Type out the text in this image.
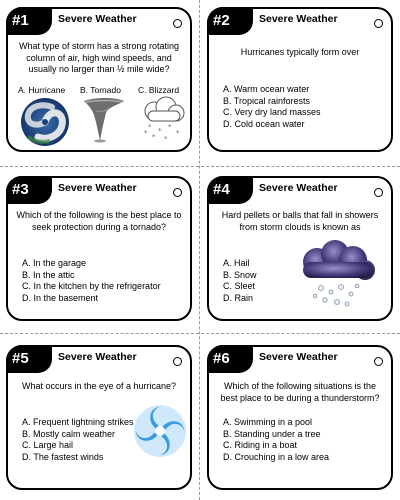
#1	Severe Weather
What type of storm has a strong rotating column of air, high wind speeds, and usually no larger than ½ mile wide?
A. Hurricane B. Tornado C. Blizzard
* * *
*
* *
*
#2	Severe Weather
Hurricanes typically form over
A. Warm ocean water
B. Tropical rainforests
C. Very dry land masses
D. Cold ocean water
#3	Severe Weather
Which of the following is the best place to seek protection during a tornado?
A. In the garage
B. In the attic
C. In the kitchen by the refrigerator
D. In the basement
#4	Severe Weather
Hard pellets or balls that fall in showers from storm clouds is known as
A. Hail
B. Snow
C. Sleet
D. Rain
#5	Severe Weather
What occurs in the eye of a hurricane?
A. Frequent lightning strikes
B. Mostly calm weather
C. Large hail
D. The fastest winds
#6	Severe Weather
Which of the following situations is the best place to be during a thunderstorm?
A. Swimming in a pool
B. Standing under a tree
C. Riding in a boat
D. Crouching in a low area
